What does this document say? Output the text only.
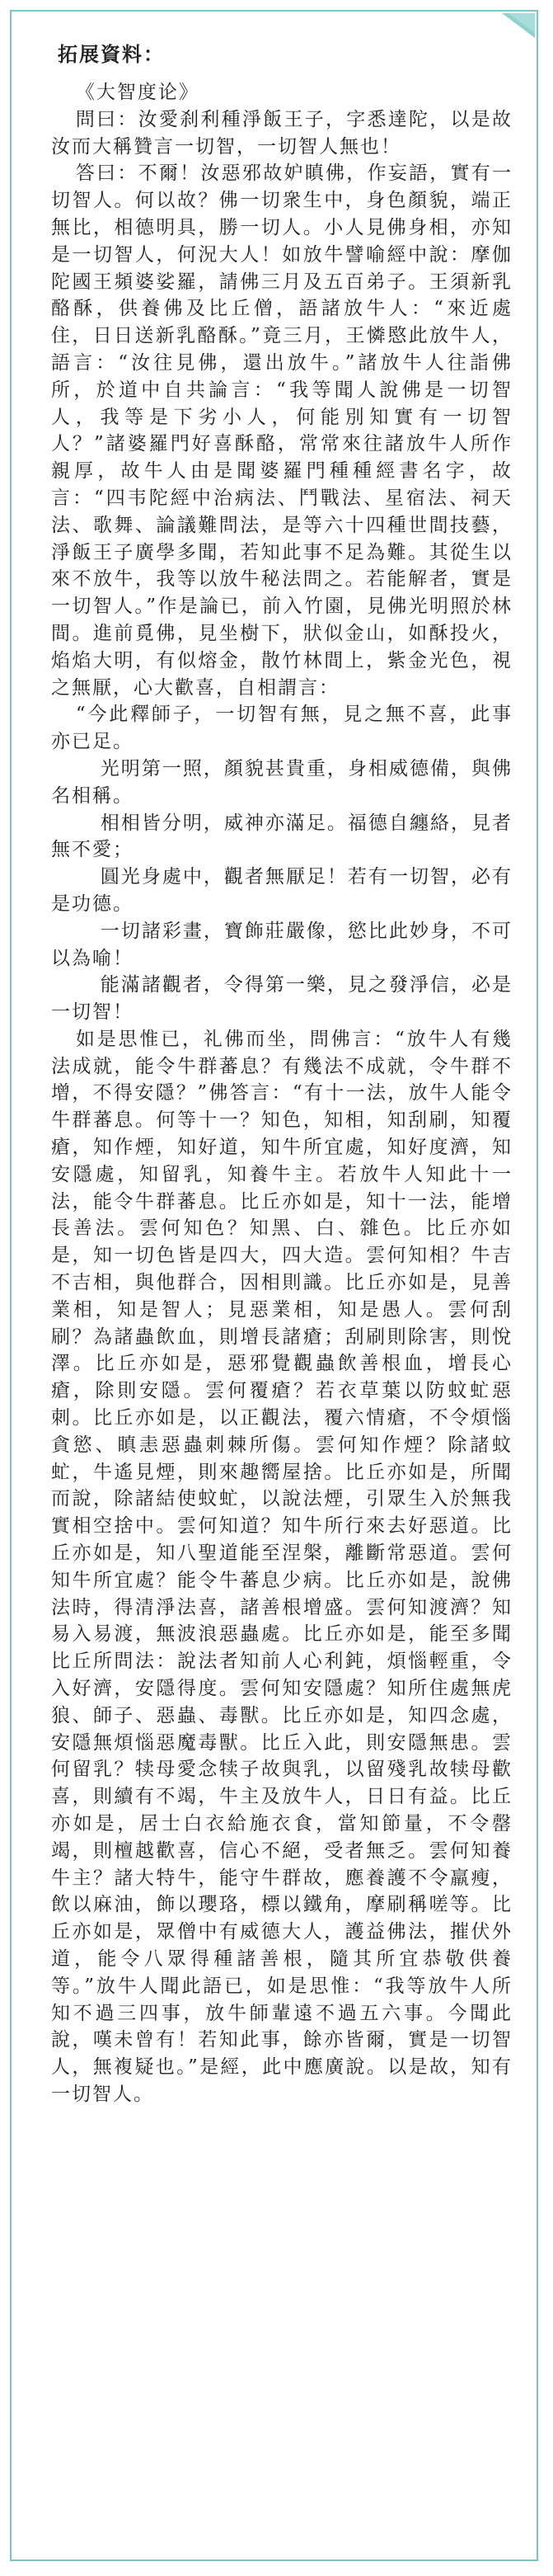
拓展資料：

《大智度论》

問曰：汝愛刹利種淨飯王子，字悉達陀，以是故汝而大稱贊言一切智，一切智人無也！

答曰：不爾！汝惡邪故妒瞋佛，作妄語，實有一切智人。何以故？佛一切衆生中，身色顏貌，端正無比，相德明具，勝一切人。小人見佛身相，亦知是一切智人，何況大人！如放牛譬喻經中說：摩伽陀國王頻婆娑羅，請佛三月及五百弟子。王須新乳酪酥，供養佛及比丘僧，語諸放牛人：“來近處住，日日送新乳酪酥。”竟三月，王憐愍此放牛人，語言：“汝往見佛，還出放牛。”諸放牛人往詣佛所，於道中自共論言：“我等聞人說佛是一切智人，我等是下劣小人，何能別知實有一切智人？”諸婆羅門好喜酥酪，常常來往諸放牛人所作親厚，故牛人由是聞婆羅門種種經書名字，故言：“四韦陀經中治病法、鬥戰法、星宿法、祠天法、歌舞、論議難問法，是等六十四種世間技藝，淨飯王子廣學多聞，若知此事不足為難。其從生以來不放牛，我等以放牛秘法問之。若能解者，實是一切智人。”作是論已，前入竹園，見佛光明照於林間。進前覓佛，見坐樹下，狀似金山，如酥投火，焰焰大明，有似熔金，散竹林間上，紫金光色，視之無厭，心大歡喜，自相謂言：

“今此釋師子，一切智有無，見之無不喜，此事亦已足。

光明第一照，顏貌甚貴重，身相威德備，與佛名相稱。

相相皆分明，威神亦滿足。福德自纏絡，見者無不愛；

圓光身處中，觀者無厭足！若有一切智，必有是功德。

一切諸彩畫，寶飾莊嚴像，慾比此妙身，不可以為喻！

能滿諸觀者，令得第一樂，見之發淨信，必是一切智！

如是思惟已，礼佛而坐，問佛言：“放牛人有幾法成就，能令牛群蕃息？有幾法不成就，令牛群不增，不得安隱？”佛答言：“有十一法，放牛人能令牛群蕃息。何等十一？知色，知相，知刮刷，知覆瘡，知作煙，知好道，知牛所宜處，知好度濟，知安隱處，知留乳，知養牛主。若放牛人知此十一法，能令牛群蕃息。比丘亦如是，知十一法，能增長善法。雲何知色？知黑、白、雜色。比丘亦如是，知一切色皆是四大，四大造。雲何知相？牛吉不吉相，與他群合，因相則識。比丘亦如是，見善業相，知是智人；見惡業相，知是愚人。雲何刮刷？為諸蟲飲血，則增長諸瘡；刮刷則除害，則悅澤。比丘亦如是，惡邪覺觀蟲飲善根血，增長心瘡，除則安隱。雲何覆瘡？若衣草葉以防蚊虻惡刺。比丘亦如是，以正觀法，覆六情瘡，不令煩惱貪慾、瞋恚惡蟲刺棘所傷。雲何知作煙？除諸蚊虻，牛遙見煙，則來趣嚮屋捨。比丘亦如是，所聞而說，除諸結使蚊虻，以說法煙，引眾生入於無我實相空捨中。雲何知道？知牛所行來去好惡道。比丘亦如是，知八聖道能至涅槃，離斷常惡道。雲何知牛所宜處？能令牛蕃息少病。比丘亦如是，說佛法時，得清淨法喜，諸善根增盛。雲何知渡濟？知易入易渡，無波浪惡蟲處。比丘亦如是，能至多聞比丘所問法：說法者知前人心利鈍，煩惱輕重，令入好濟，安隱得度。雲何知安隱處？知所住處無虎狼、師子、惡蟲、毒獸。比丘亦如是，知四念處，安隱無煩惱惡魔毒獸。比丘入此，則安隱無患。雲何留乳？犊母愛念犊子故與乳，以留殘乳故犊母歡喜，則續有不竭，牛主及放牛人，日日有益。比丘亦如是，居士白衣給施衣食，當知節量，不令罄竭，則檀越歡喜，信心不絕，受者無乏。雲何知養牛主？諸大特牛，能守牛群故，應養護不令羸瘦，飲以麻油，飾以瓔珞，標以鐵角，摩刷稱嗟等。比丘亦如是，眾僧中有威德大人，護益佛法，摧伏外道，能令八眾得種諸善根，隨其所宜恭敬供養等。”放牛人聞此語已，如是思惟：“我等放牛人所知不過三四事，放牛師輩遠不過五六事。今聞此說，嘆未曾有！若知此事，餘亦皆爾，實是一切智人，無複疑也。”是經，此中應廣說。以是故，知有一切智人。
